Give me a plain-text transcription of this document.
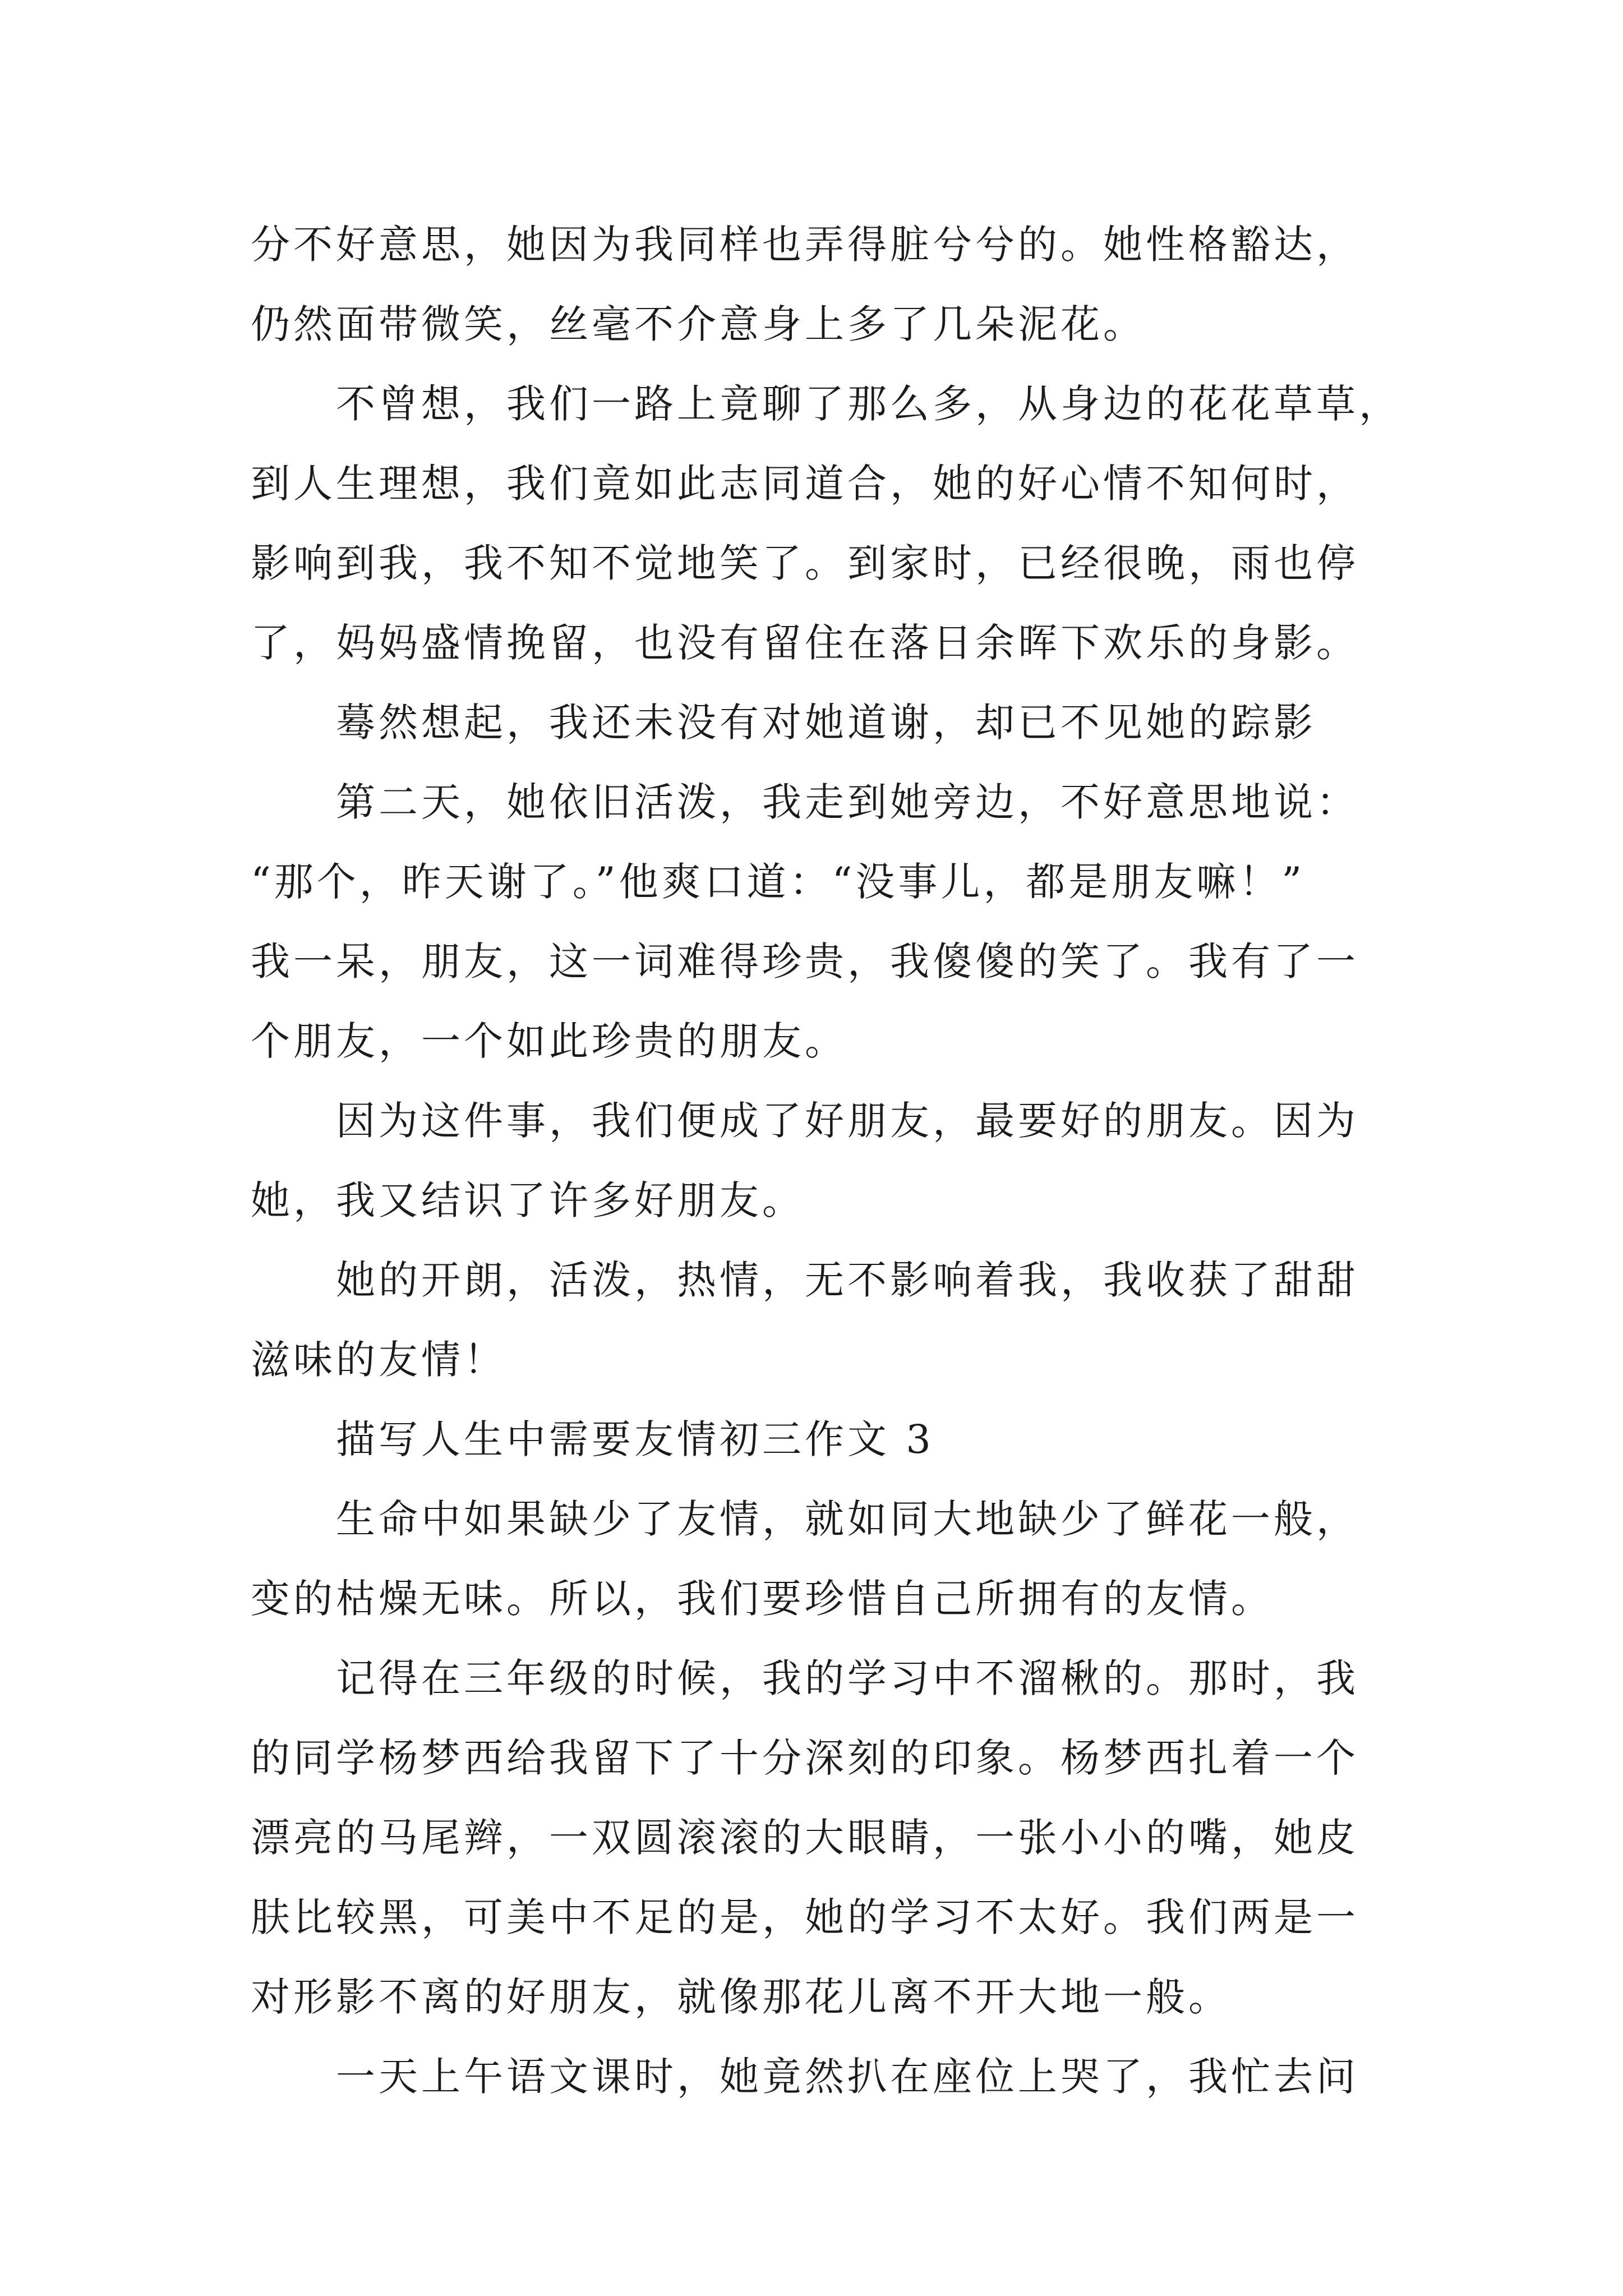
分不好意思，她因为我同样也弄得脏兮兮的。她性格豁达，
仍然面带微笑，丝毫不介意身上多了几朵泥花。
不曾想，我们一路上竟聊了那么多，从身边的花花草草，
到人生理想，我们竟如此志同道合，她的好心情不知何时，
影响到我，我不知不觉地笑了。到家时，已经很晚，雨也停
了，妈妈盛情挽留，也没有留住在落日余晖下欢乐的身影。
蓦然想起，我还未没有对她道谢，却已不见她的踪影
第二天，她依旧活泼，我走到她旁边，不好意思地说：
“那个，昨天谢了。”他爽口道：“没事儿，都是朋友嘛！”
我一呆，朋友，这一词难得珍贵，我傻傻的笑了。我有了一
个朋友，一个如此珍贵的朋友。
因为这件事，我们便成了好朋友，最要好的朋友。因为
她，我又结识了许多好朋友。
她的开朗，活泼，热情，无不影响着我，我收获了甜甜
滋味的友情！
描写人生中需要友情初三作文 3
生命中如果缺少了友情，就如同大地缺少了鲜花一般，
变的枯燥无味。所以，我们要珍惜自己所拥有的友情。
记得在三年级的时候，我的学习中不溜楸的。那时，我
的同学杨梦西给我留下了十分深刻的印象。杨梦西扎着一个
漂亮的马尾辫，一双圆滚滚的大眼睛，一张小小的嘴，她皮
肤比较黑，可美中不足的是，她的学习不太好。我们两是一
对形影不离的好朋友，就像那花儿离不开大地一般。
一天上午语文课时，她竟然扒在座位上哭了，我忙去问
